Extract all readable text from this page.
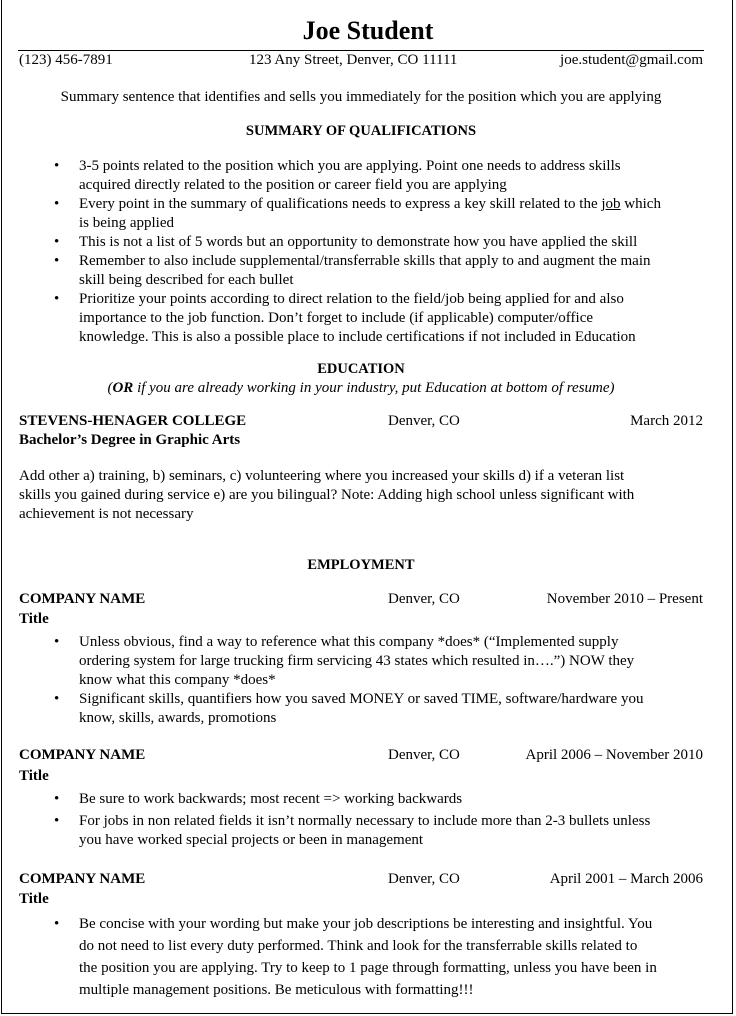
Joe Student
(123) 456-7891	123 Any Street, Denver, CO 11111	joe.student@gmail.com
Summary sentence that identifies and sells you immediately for the position which you are applying
SUMMARY OF QUALIFICATIONS
• 3-5 points related to the position which you are applying. Point one needs to address skills
acquired directly related to the position or career field you are applying
• Every point in the summary of qualifications needs to express a key skill related to the job which
is being applied
• This is not a list of 5 words but an opportunity to demonstrate how you have applied the skill
• Remember to also include supplemental/transferrable skills that apply to and augment the main
skill being described for each bullet
• Prioritize your points according to direct relation to the field/job being applied for and also
importance to the job function. Don’t forget to include (if applicable) computer/office
knowledge. This is also a possible place to include certifications if not included in Education
EDUCATION
(OR if you are already working in your industry, put Education at bottom of resume)
STEVENS-HENAGER COLLEGE	Denver, CO	March 2012
Bachelor’s Degree in Graphic Arts
Add other a) training, b) seminars, c) volunteering where you increased your skills d) if a veteran list
skills you gained during service e) are you bilingual? Note: Adding high school unless significant with
achievement is not necessary
EMPLOYMENT
COMPANY NAME	Denver, CO	November 2010 – Present
Title
• Unless obvious, find a way to reference what this company *does* (“Implemented supply
ordering system for large trucking firm servicing 43 states which resulted in….”) NOW they
know what this company *does*
• Significant skills, quantifiers how you saved MONEY or saved TIME, software/hardware you
know, skills, awards, promotions
COMPANY NAME	Denver, CO	April 2006 – November 2010
Title
• Be sure to work backwards; most recent => working backwards
• For jobs in non related fields it isn’t normally necessary to include more than 2-3 bullets unless
you have worked special projects or been in management
COMPANY NAME	Denver, CO	April 2001 – March 2006
Title
• Be concise with your wording but make your job descriptions be interesting and insightful. You
do not need to list every duty performed. Think and look for the transferrable skills related to
the position you are applying. Try to keep to 1 page through formatting, unless you have been in
multiple management positions. Be meticulous with formatting!!!
